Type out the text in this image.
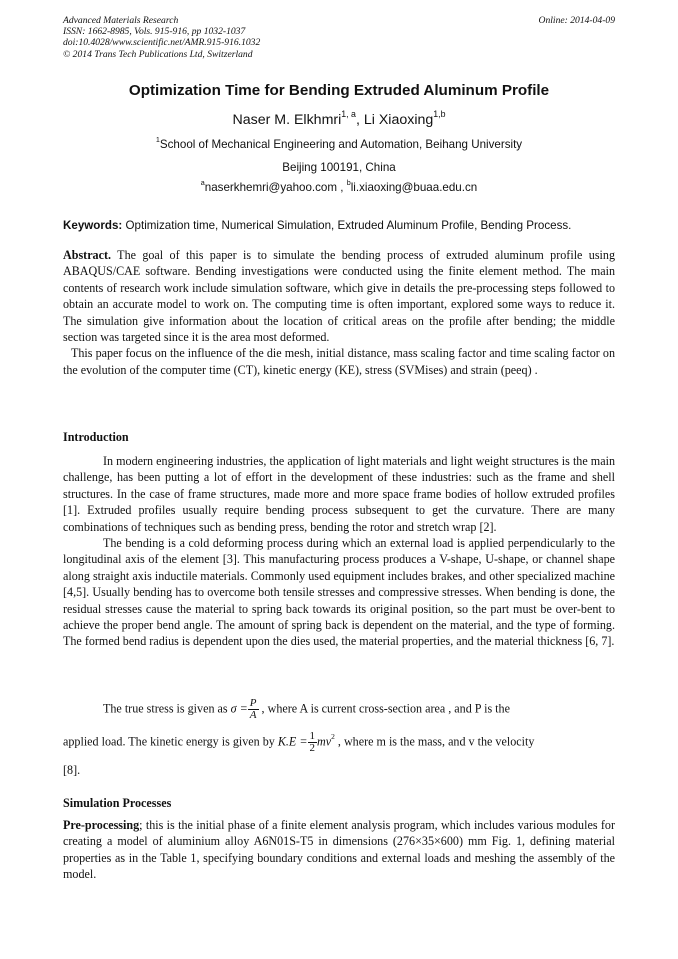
Advanced Materials Research
ISSN: 1662-8985, Vols. 915-916, pp 1032-1037
doi:10.4028/www.scientific.net/AMR.915-916.1032
© 2014 Trans Tech Publications Ltd, Switzerland
Online: 2014-04-09
Optimization Time for Bending Extruded Aluminum Profile
Naser M. Elkhmri$^{1, a}$, Li Xiaoxing$^{1,b}$
$^1$School of Mechanical Engineering and Automation, Beihang University
Beijing 100191, China
$^a$naserkhemri@yahoo.com , $^b$li.xiaoxing@buaa.edu.cn
Keywords: Optimization time, Numerical Simulation, Extruded Aluminum Profile, Bending Process.

Abstract. The goal of this paper is to simulate the bending process of extruded aluminum profile using ABAQUS/CAE software. Bending investigations were conducted using the finite element method. The main contents of research work include simulation software, which give in details the pre-processing steps followed to obtain an accurate model to work on. The computing time is often important, explored some ways to reduce it. The simulation give information about the location of critical areas on the profile after bending; the middle section was targeted since it is the area most deformed.

This paper focus on the influence of the die mesh, initial distance, mass scaling factor and time scaling factor on the evolution of the computer time (CT), kinetic energy (KE), stress (SVMises) and strain (peeq) .

Introduction

In modern engineering industries, the application of light materials and light weight structures is the main challenge, has been putting a lot of effort in the development of these industries: such as the frame and shell structures. In the case of frame structures, made more and more space frame bodies of hollow extruded profiles [1]. Extruded profiles usually require bending process subsequent to get the curvature. There are many combinations of techniques such as bending press, bending the rotor and stretch wrap [2].

The bending is a cold deforming process during which an external load is applied perpendicularly to the longitudinal axis of the element [3]. This manufacturing process produces a V-shape, U-shape, or channel shape along straight axis inductile materials. Commonly used equipment includes brakes, and other specialized machine [4,5]. Usually bending has to overcome both tensile stresses and compressive stresses. When bending is done, the residual stresses cause the material to spring back towards its original position, so the part must be over-bent to achieve the proper bend angle. The amount of spring back is dependent on the material, and the type of forming. The formed bend radius is dependent upon the dies used, the material properties, and the material thickness [6, 7].

The true stress is given as $\sigma = \frac{P}{A}$ , where A is current cross-section area , and P is the
applied load. The kinetic energy is given by $K.E = \frac{1}{2} mv^2$ , where m is the mass, and v the velocity
[8].
Simulation Processes

Pre-processing; this is the initial phase of a finite element analysis program, which includes various modules for creating a model of aluminium alloy A6N01S-T5 in dimensions (276×35×600) mm Fig. 1, defining material properties as in the Table 1, specifying boundary conditions and external loads and meshing the assembly of the model.
